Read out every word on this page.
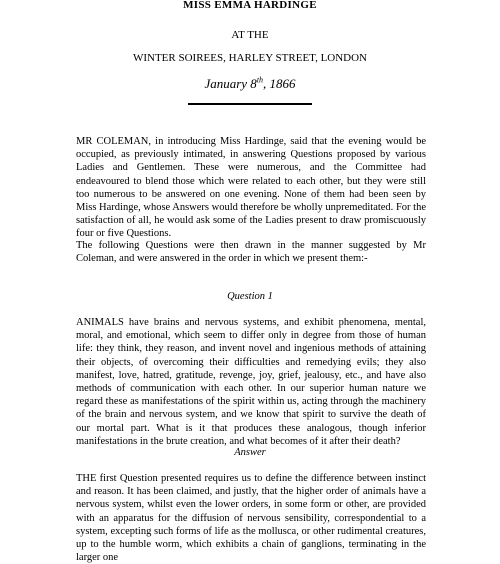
MISS EMMA HARDINGE
AT THE
WINTER SOIREES, HARLEY STREET, LONDON
January 8th, 1866

MR COLEMAN, in introducing Miss Hardinge, said that the evening would be occupied, as previously intimated, in answering Questions proposed by various Ladies and Gentlemen. These were numerous, and the Committee had endeavoured to blend those which were related to each other, but they were still too numerous to be answered on one evening. None of them had been seen by Miss Hardinge, whose Answers would therefore be wholly unpremeditated. For the satisfaction of all, he would ask some of the Ladies present to draw promiscuously four or five Questions.

The following Questions were then drawn in the manner suggested by Mr Coleman, and were answered in the order in which we present them:-

Question 1

ANIMALS have brains and nervous systems, and exhibit phenomena, mental, moral, and emotional, which seem to differ only in degree from those of human life: they think, they reason, and invent novel and ingenious methods of attaining their objects, of overcoming their difficulties and remedying evils; they also manifest, love, hatred, gratitude, revenge, joy, grief, jealousy, etc., and have also methods of communication with each other. In our superior human nature we regard these as manifestations of the spirit within us, acting through the machinery of the brain and nervous system, and we know that spirit to survive the death of our mortal part. What is it that produces these analogous, though inferior manifestations in the brute creation, and what becomes of it after their death?

Answer

THE first Question presented requires us to define the difference between instinct and reason. It has been claimed, and justly, that the higher order of animals have a nervous system, whilst even the lower orders, in some form or other, are provided with an apparatus for the diffusion of nervous sensibility, correspondential to a system, excepting such forms of life as the mollusca, or other rudimental creatures, up to the humble worm, which exhibits a chain of ganglions, terminating in the larger one
